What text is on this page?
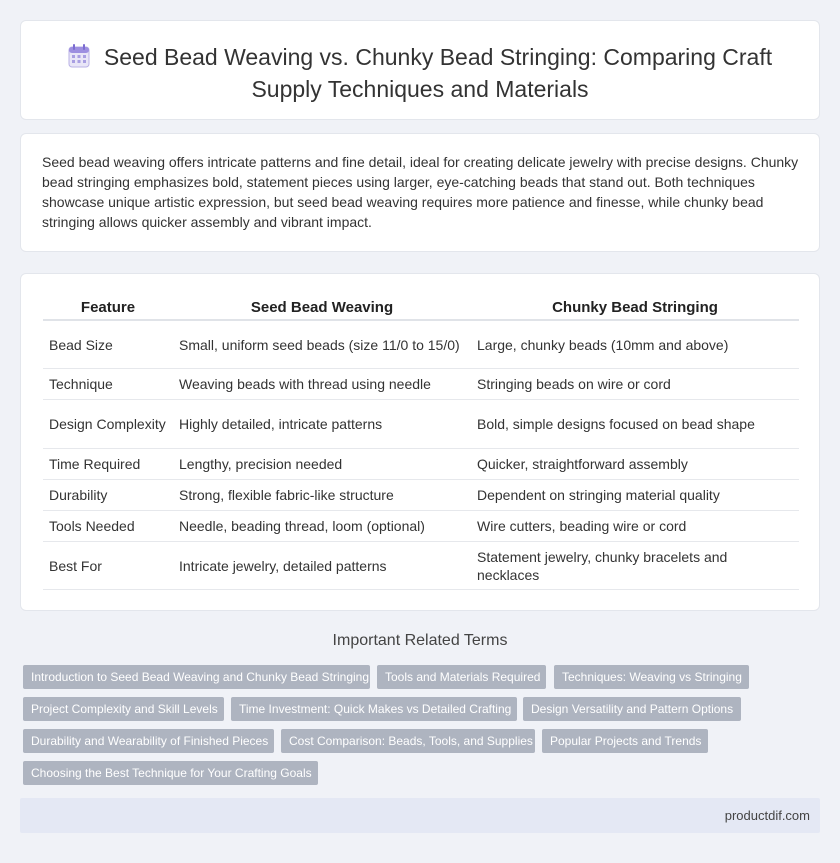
Seed Bead Weaving vs. Chunky Bead Stringing: Comparing Craft Supply Techniques and Materials
Seed bead weaving offers intricate patterns and fine detail, ideal for creating delicate jewelry with precise designs. Chunky bead stringing emphasizes bold, statement pieces using larger, eye-catching beads that stand out. Both techniques showcase unique artistic expression, but seed bead weaving requires more patience and finesse, while chunky bead stringing allows quicker assembly and vibrant impact.
Feature	Seed Bead Weaving	Chunky Bead Stringing
Bead Size	Small, uniform seed beads (size 11/0 to 15/0)	Large, chunky beads (10mm and above)
Technique	Weaving beads with thread using needle	Stringing beads on wire or cord
Design Complexity	Highly detailed, intricate patterns	Bold, simple designs focused on bead shape
Time Required	Lengthy, precision needed	Quicker, straightforward assembly
Durability	Strong, flexible fabric-like structure	Dependent on stringing material quality
Tools Needed	Needle, beading thread, loom (optional)	Wire cutters, beading wire or cord
Best For	Intricate jewelry, detailed patterns	Statement jewelry, chunky bracelets and necklaces
Important Related Terms
Introduction to Seed Bead Weaving and Chunky Bead Stringing	Tools and Materials Required	Techniques: Weaving vs Stringing
Project Complexity and Skill Levels	Time Investment: Quick Makes vs Detailed Crafting	Design Versatility and Pattern Options
Durability and Wearability of Finished Pieces	Cost Comparison: Beads, Tools, and Supplies	Popular Projects and Trends
Choosing the Best Technique for Your Crafting Goals
productdif.com
